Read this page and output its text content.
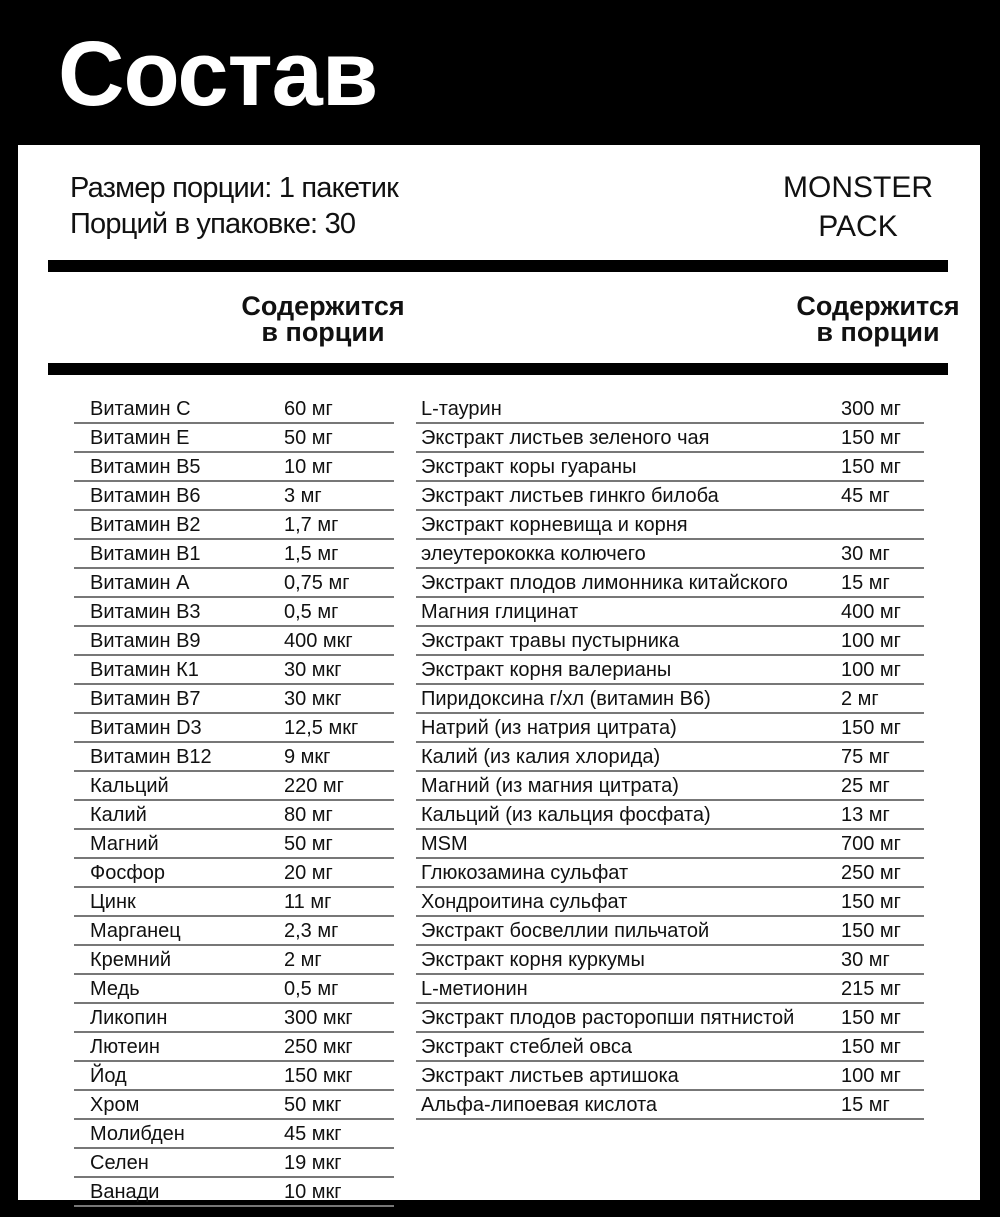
Состав
Размер порции: 1 пакетик
Порций в упаковке: 30
MONSTER
PACK
Содержится
в порции
Содержится
в порции
Витамин С	60 мг
Витамин Е	50 мг
Витамин В5	10 мг
Витамин В6	3 мг
Витамин В2	1,7 мг
Витамин В1	1,5 мг
Витамин А	0,75 мг
Витамин В3	0,5 мг
Витамин В9	400 мкг
Витамин К1	30 мкг
Витамин В7	30 мкг
Витамин D3	12,5 мкг
Витамин В12	9 мкг
Кальций	220 мг
Калий	80 мг
Магний	50 мг
Фосфор	20 мг
Цинк	11 мг
Марганец	2,3 мг
Кремний	2 мг
Медь	0,5 мг
Ликопин	300 мкг
Лютеин	250 мкг
Йод	150 мкг
Хром	50 мкг
Молибден	45 мкг
Селен	19 мкг
Ванади	10 мкг
L-таурин	300 мг
Экстракт листьев зеленого чая	150 мг
Экстракт коры гуараны	150 мг
Экстракт листьев гинкго билоба	45 мг
Экстракт корневища и корня
элеутерококка колючего	30 мг
Экстракт плодов лимонника китайского	15 мг
Магния глицинат	400 мг
Экстракт травы пустырника	100 мг
Экстракт корня валерианы	100 мг
Пиридоксина г/хл (витамин В6)	2 мг
Натрий (из натрия цитрата)	150 мг
Калий (из калия хлорида)	75 мг
Магний (из магния цитрата)	25 мг
Кальций (из кальция фосфата)	13 мг
MSM	700 мг
Глюкозамина сульфат	250 мг
Хондроитина сульфат	150 мг
Экстракт босвеллии пильчатой	150 мг
Экстракт корня куркумы	30 мг
L-метионин	215 мг
Экстракт плодов расторопши пятнистой 150 мг
Экстракт стеблей овса	150 мг
Экстракт листьев артишока	100 мг
Альфа-липоевая кислота	15 мг
